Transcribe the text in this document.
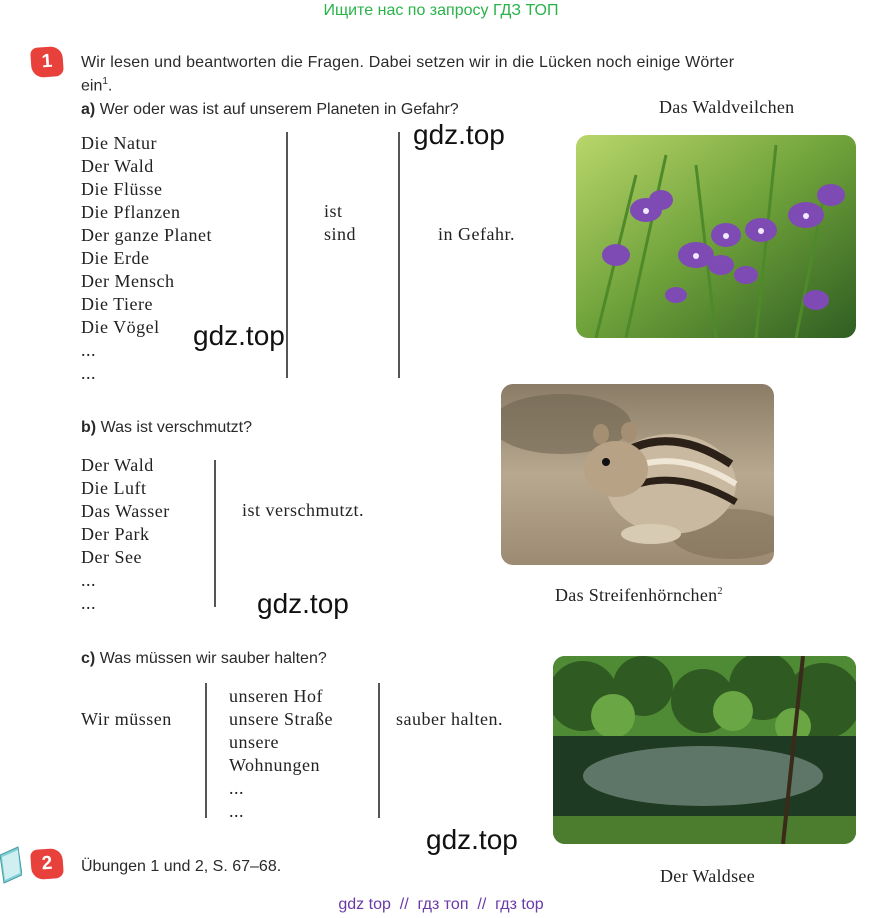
Ищите нас по запросу ГДЗ ТОП
1 Wir lesen und beantworten die Fragen. Dabei setzen wir in die Lücken noch einige Wörter
ein$^1$.
a) Wer oder was ist auf unserem Planeten in Gefahr?
Die Natur
Der Wald
Die Flüsse
Die Pflanzen
Der ganze Planet
Die Erde
Der Mensch
Die Tiere
Die Vögel
...
...
ist
sind	in Gefahr.
Das Waldveilchen
b) Was ist verschmutzt?
Der Wald
Die Luft
Das Wasser
Der Park
Der See
...
...
ist verschmutzt.
Das Streifenhörnchen$^2$
c) Was müssen wir sauber halten?
Wir müssen
unseren Hof
unsere Straße
unsere
Wohnungen
...
...
sauber halten.
Der Waldsee
2 Übungen 1 und 2, S. 67–68.
gdz.top
gdz.top
gdz.top
gdz.top
gdz top  //  гдз топ  //  гдз top
